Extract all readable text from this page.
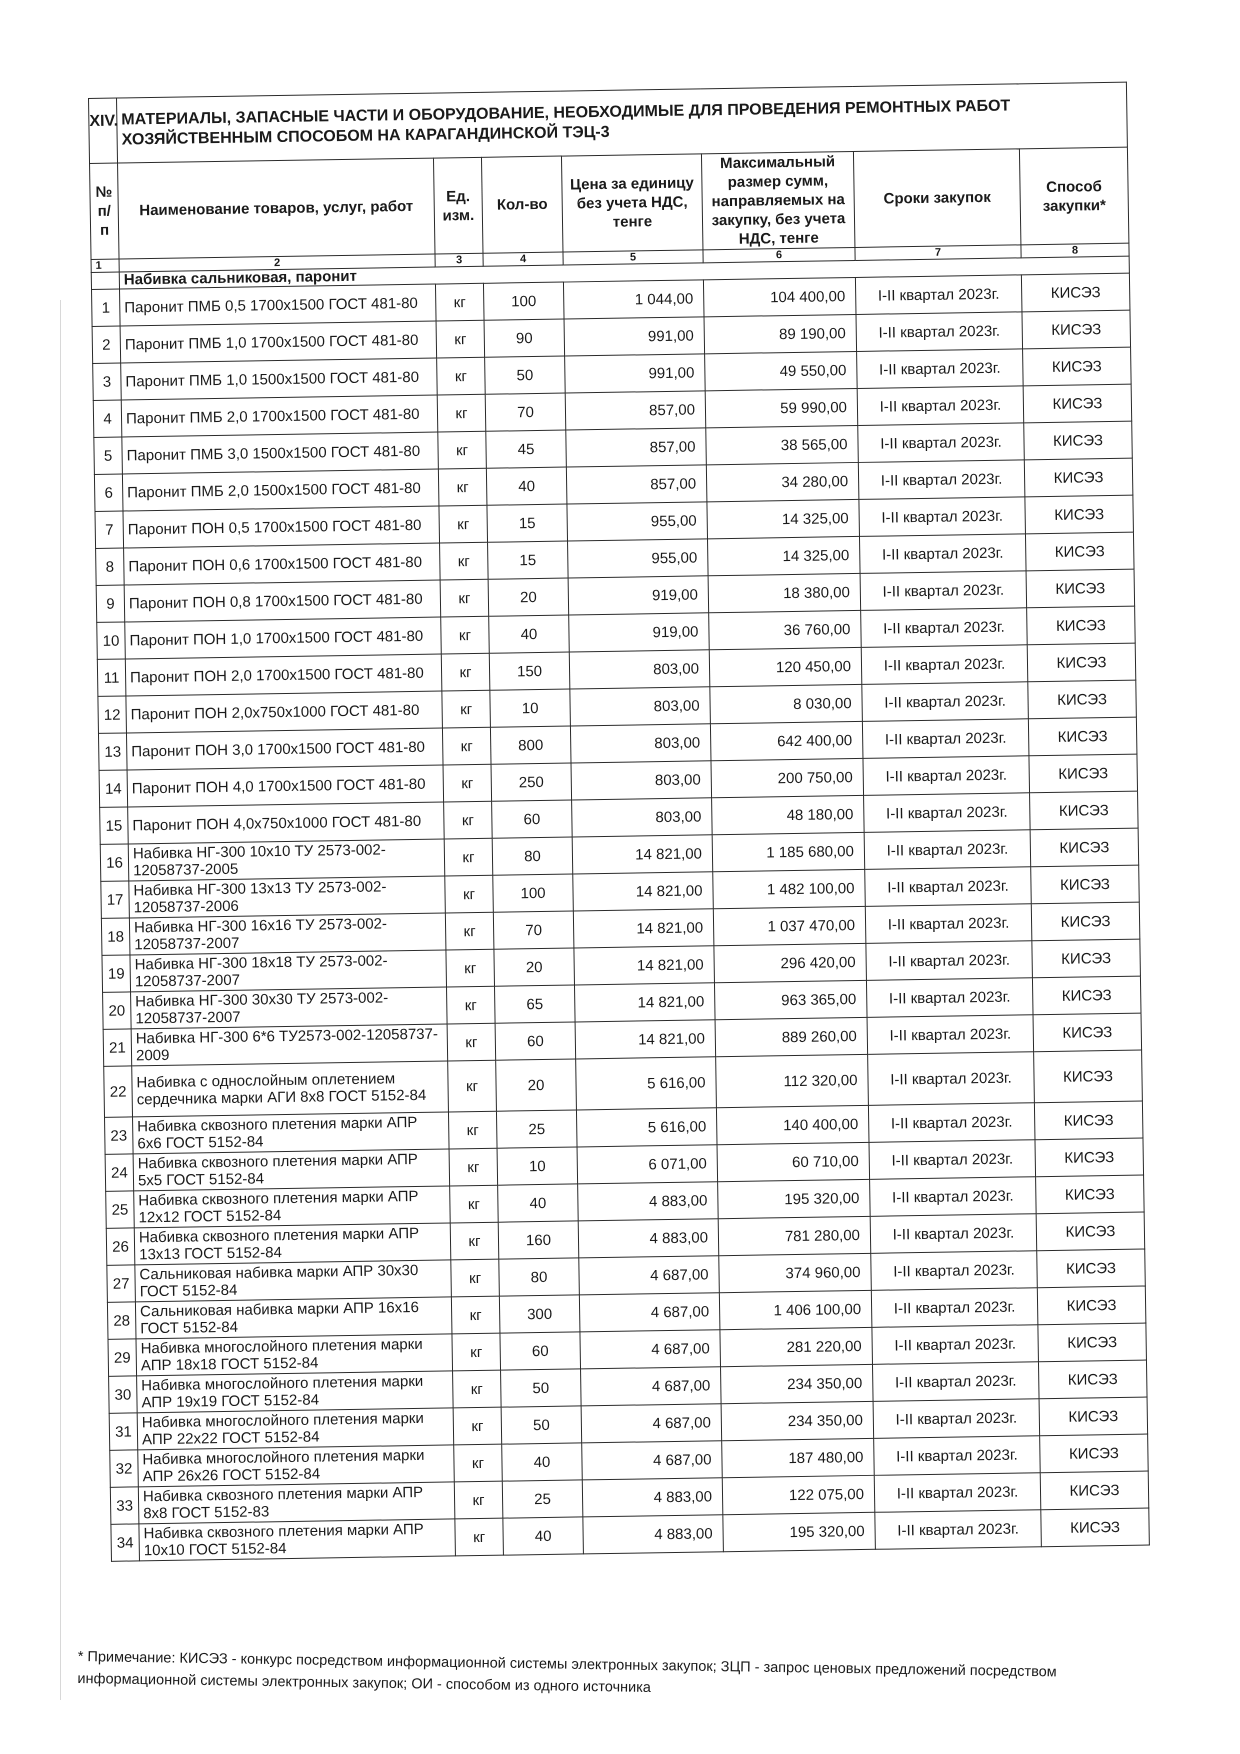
XIV.	МАТЕРИАЛЫ, ЗАПАСНЫЕ ЧАСТИ И ОБОРУДОВАНИЕ, НЕОБХОДИМЫЕ ДЛЯ ПРОВЕДЕНИЯ РЕМОНТНЫХ РАБОТ ХОЗЯЙСТВЕННЫМ СПОСОБОМ НА КАРАГАНДИНСКОЙ ТЭЦ-3						
№ п/п	Наименование товаров, услуг, работ	Ед. изм.	Кол-во	Цена за единицу без учета НДС, тенге	Максимальный размер сумм, направляемых на закупку, без учета НДС, тенге	Сроки закупок	Способ закупки*
1	2	3	4	5	6	7	8
	Набивка сальниковая, паронит						
1	Паронит ПМБ 0,5 1700х1500 ГОСТ 481-80	кг	100	1 044,00	104 400,00	I-II квартал 2023г.	КИСЭЗ
2	Паронит ПМБ 1,0 1700х1500 ГОСТ 481-80	кг	90	991,00	89 190,00	I-II квартал 2023г.	КИСЭЗ
3	Паронит ПМБ 1,0 1500х1500 ГОСТ 481-80	кг	50	991,00	49 550,00	I-II квартал 2023г.	КИСЭЗ
4	Паронит ПМБ 2,0 1700х1500 ГОСТ 481-80	кг	70	857,00	59 990,00	I-II квартал 2023г.	КИСЭЗ
5	Паронит ПМБ 3,0 1500х1500 ГОСТ 481-80	кг	45	857,00	38 565,00	I-II квартал 2023г.	КИСЭЗ
6	Паронит ПМБ 2,0 1500х1500 ГОСТ 481-80	кг	40	857,00	34 280,00	I-II квартал 2023г.	КИСЭЗ
7	Паронит ПОН 0,5 1700х1500 ГОСТ 481-80	кг	15	955,00	14 325,00	I-II квартал 2023г.	КИСЭЗ
8	Паронит ПОН 0,6 1700х1500 ГОСТ 481-80	кг	15	955,00	14 325,00	I-II квартал 2023г.	КИСЭЗ
9	Паронит ПОН 0,8 1700х1500 ГОСТ 481-80	кг	20	919,00	18 380,00	I-II квартал 2023г.	КИСЭЗ
10	Паронит ПОН 1,0 1700х1500 ГОСТ 481-80	кг	40	919,00	36 760,00	I-II квартал 2023г.	КИСЭЗ
11	Паронит ПОН 2,0 1700х1500 ГОСТ 481-80	кг	150	803,00	120 450,00	I-II квартал 2023г.	КИСЭЗ
12	Паронит ПОН 2,0х750х1000 ГОСТ 481-80	кг	10	803,00	8 030,00	I-II квартал 2023г.	КИСЭЗ
13	Паронит ПОН 3,0 1700х1500 ГОСТ 481-80	кг	800	803,00	642 400,00	I-II квартал 2023г.	КИСЭЗ
14	Паронит ПОН 4,0 1700х1500 ГОСТ 481-80	кг	250	803,00	200 750,00	I-II квартал 2023г.	КИСЭЗ
15	Паронит ПОН 4,0х750х1000 ГОСТ 481-80	кг	60	803,00	48 180,00	I-II квартал 2023г.	КИСЭЗ
16	Набивка НГ-300 10х10 ТУ 2573-002-12058737-2005	кг	80	14 821,00	1 185 680,00	I-II квартал 2023г.	КИСЭЗ
17	Набивка НГ-300 13х13 ТУ 2573-002-12058737-2006	кг	100	14 821,00	1 482 100,00	I-II квартал 2023г.	КИСЭЗ
18	Набивка НГ-300 16х16 ТУ 2573-002-12058737-2007	кг	70	14 821,00	1 037 470,00	I-II квартал 2023г.	КИСЭЗ
19	Набивка НГ-300 18х18 ТУ 2573-002-12058737-2007	кг	20	14 821,00	296 420,00	I-II квартал 2023г.	КИСЭЗ
20	Набивка НГ-300 30х30 ТУ 2573-002-12058737-2007	кг	65	14 821,00	963 365,00	I-II квартал 2023г.	КИСЭЗ
21	Набивка НГ-300 6*6 ТУ2573-002-12058737-2009	кг	60	14 821,00	889 260,00	I-II квартал 2023г.	КИСЭЗ
22	Набивка с однослойным оплетением сердечника марки АГИ 8х8 ГОСТ 5152-84	кг	20	5 616,00	112 320,00	I-II квартал 2023г.	КИСЭЗ
23	Набивка сквозного плетения марки АПР 6х6 ГОСТ 5152-84	кг	25	5 616,00	140 400,00	I-II квартал 2023г.	КИСЭЗ
24	Набивка сквозного плетения марки АПР 5х5 ГОСТ 5152-84	кг	10	6 071,00	60 710,00	I-II квартал 2023г.	КИСЭЗ
25	Набивка сквозного плетения марки АПР 12х12 ГОСТ 5152-84	кг	40	4 883,00	195 320,00	I-II квартал 2023г.	КИСЭЗ
26	Набивка сквозного плетения марки АПР 13х13 ГОСТ 5152-84	кг	160	4 883,00	781 280,00	I-II квартал 2023г.	КИСЭЗ
27	Сальниковая набивка марки АПР 30х30 ГОСТ 5152-84	кг	80	4 687,00	374 960,00	I-II квартал 2023г.	КИСЭЗ
28	Сальниковая набивка марки АПР 16х16 ГОСТ 5152-84	кг	300	4 687,00	1 406 100,00	I-II квартал 2023г.	КИСЭЗ
29	Набивка многослойного плетения марки АПР 18х18 ГОСТ 5152-84	кг	60	4 687,00	281 220,00	I-II квартал 2023г.	КИСЭЗ
30	Набивка многослойного плетения марки АПР 19х19 ГОСТ 5152-84	кг	50	4 687,00	234 350,00	I-II квартал 2023г.	КИСЭЗ
31	Набивка многослойного плетения марки АПР 22х22 ГОСТ 5152-84	кг	50	4 687,00	234 350,00	I-II квартал 2023г.	КИСЭЗ
32	Набивка многослойного плетения марки АПР 26х26 ГОСТ 5152-84	кг	40	4 687,00	187 480,00	I-II квартал 2023г.	КИСЭЗ
33	Набивка сквозного плетения марки АПР 8х8 ГОСТ 5152-83	кг	25	4 883,00	122 075,00	I-II квартал 2023г.	КИСЭЗ
34	Набивка сквозного плетения марки АПР 10х10 ГОСТ 5152-84	кг	40	4 883,00	195 320,00	I-II квартал 2023г.	КИСЭЗ
* Примечание: КИСЭЗ - конкурс посредством информационной системы электронных закупок; ЗЦП - запрос ценовых предложений посредством информационной системы электронных закупок; ОИ - способом из одного источника
